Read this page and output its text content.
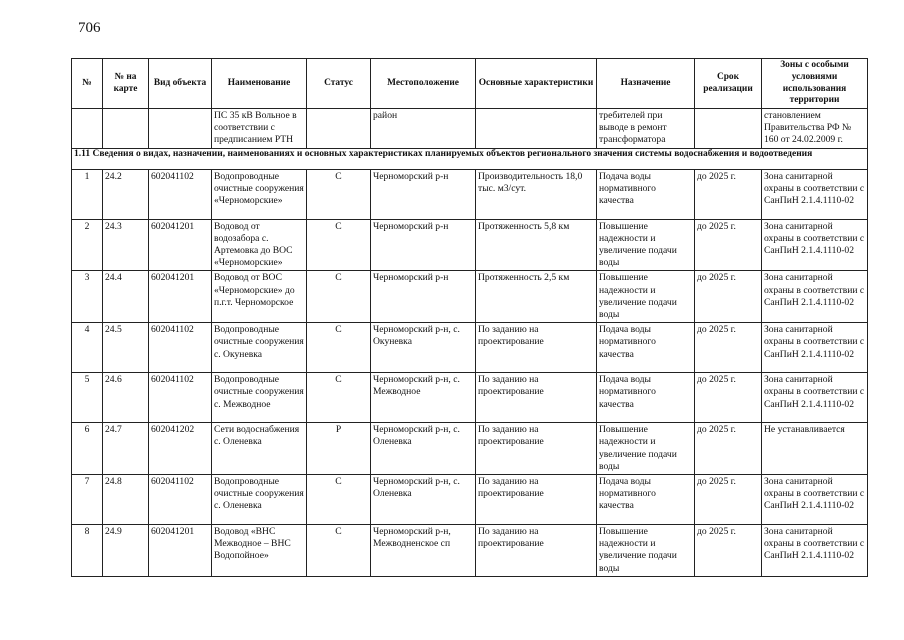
706
№	№ на карте	Вид объекта	Наименование	Статус	Местоположение	Основные характеристики	Назначение	Срок реализации	Зоны с особыми условиями использования территории
			ПС 35 кВ Вольное в соответствии с предписанием РТН		район		требителей при выводе в ремонт трансформатора		становлением Правительства РФ № 160 от 24.02.2009 г.
1.11 Сведения о видах, назначении, наименованиях и основных характеристиках планируемых объектов регионального значения системы водоснабжения и водоотведения									
1	24.2	602041102	Водопроводные очистные сооружения «Черноморские»	С	Черноморский р-н	Производительность 18,0 тыс. м3/сут.	Подача воды нормативного качества	до 2025 г.	Зона санитарной охраны в соответствии с СанПиН 2.1.4.1110-02
2	24.3	602041201	Водовод от водозабора с. Артемовка до ВОС «Черноморские»	С	Черноморский р-н	Протяженность 5,8 км	Повышение надежности и увеличение подачи воды	до 2025 г.	Зона санитарной охраны в соответствии с СанПиН 2.1.4.1110-02
3	24.4	602041201	Водовод от ВОС «Черноморские» до п.г.т. Черноморское	С	Черноморский р-н	Протяженность 2,5 км	Повышение надежности и увеличение подачи воды	до 2025 г.	Зона санитарной охраны в соответствии с СанПиН 2.1.4.1110-02
4	24.5	602041102	Водопроводные очистные сооружения с. Окуневка	С	Черноморский р-н, с. Окуневка	По заданию на проектирование	Подача воды нормативного качества	до 2025 г.	Зона санитарной охраны в соответствии с СанПиН 2.1.4.1110-02
5	24.6	602041102	Водопроводные очистные сооружения с. Межводное	С	Черноморский р-н, с. Межводное	По заданию на проектирование	Подача воды нормативного качества	до 2025 г.	Зона санитарной охраны в соответствии с СанПиН 2.1.4.1110-02
6	24.7	602041202	Сети водоснабжения с. Оленевка	Р	Черноморский р-н, с. Оленевка	По заданию на проектирование	Повышение надежности и увеличение подачи воды	до 2025 г.	Не устанавливается
7	24.8	602041102	Водопроводные очистные сооружения с. Оленевка	С	Черноморский р-н, с. Оленевка	По заданию на проектирование	Подача воды нормативного качества	до 2025 г.	Зона санитарной охраны в соответствии с СанПиН 2.1.4.1110-02
8	24.9	602041201	Водовод «ВНС Межводное – ВНС Водопойное»	С	Черноморский р-н, Межводненское сп	По заданию на проектирование	Повышение надежности и увеличение подачи воды	до 2025 г.	Зона санитарной охраны в соответствии с СанПиН 2.1.4.1110-02
